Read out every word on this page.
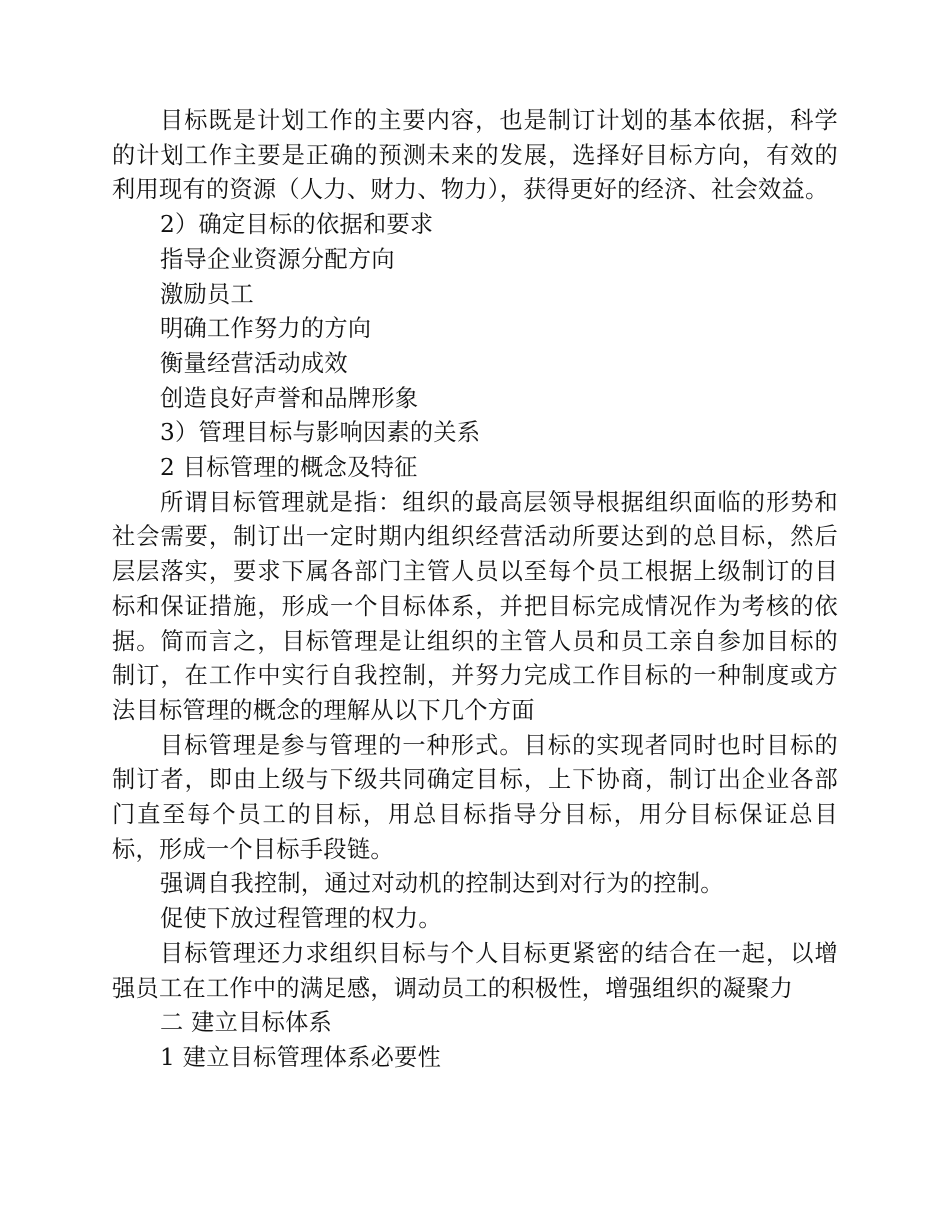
目标既是计划工作的主要内容，也是制订计划的基本依据，科学的计划工作主要是正确的预测未来的发展，选择好目标方向，有效的利用现有的资源（人力、财力、物力），获得更好的经济、社会效益。

2）确定目标的依据和要求

指导企业资源分配方向

激励员工

明确工作努力的方向

衡量经营活动成效

创造良好声誉和品牌形象

3）管理目标与影响因素的关系

2 目标管理的概念及特征

所谓目标管理就是指：组织的最高层领导根据组织面临的形势和社会需要，制订出一定时期内组织经营活动所要达到的总目标，然后层层落实，要求下属各部门主管人员以至每个员工根据上级制订的目标和保证措施，形成一个目标体系，并把目标完成情况作为考核的依据。简而言之，目标管理是让组织的主管人员和员工亲自参加目标的制订，在工作中实行自我控制，并努力完成工作目标的一种制度或方法目标管理的概念的理解从以下几个方面

目标管理是参与管理的一种形式。目标的实现者同时也时目标的制订者，即由上级与下级共同确定目标，上下协商，制订出企业各部门直至每个员工的目标，用总目标指导分目标，用分目标保证总目标，形成一个目标手段链。

强调自我控制，通过对动机的控制达到对行为的控制。

促使下放过程管理的权力。

目标管理还力求组织目标与个人目标更紧密的结合在一起，以增强员工在工作中的满足感，调动员工的积极性，增强组织的凝聚力

二 建立目标体系

1 建立目标管理体系必要性
